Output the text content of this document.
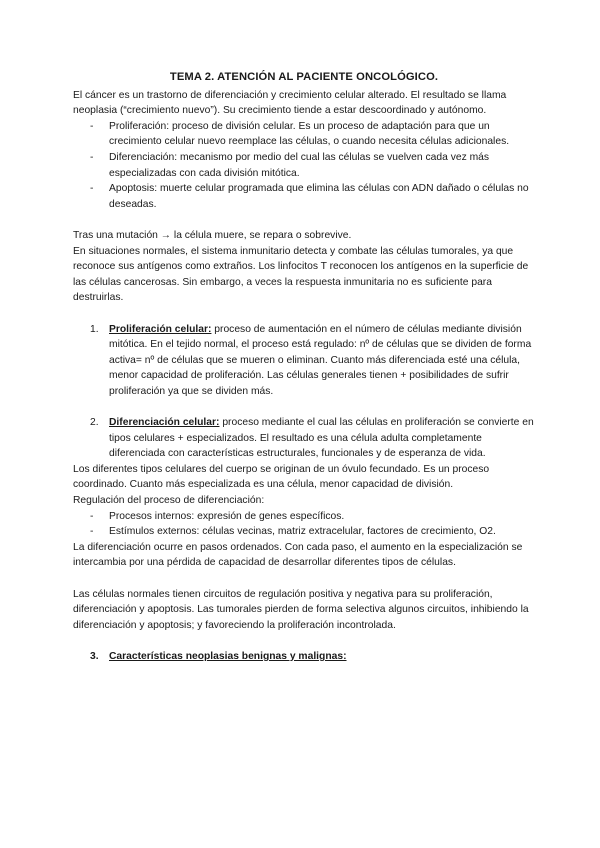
TEMA 2. ATENCIÓN AL PACIENTE ONCOLÓGICO.

El cáncer es un trastorno de diferenciación y crecimiento celular alterado. El resultado se llama neoplasia (“crecimiento nuevo”). Su crecimiento tiende a estar descoordinado y autónomo.

- Proliferación: proceso de división celular. Es un proceso de adaptación para que un crecimiento celular nuevo reemplace las células, o cuando necesita células adicionales.
- Diferenciación: mecanismo por medio del cual las células se vuelven cada vez más especializadas con cada división mitótica.
- Apoptosis: muerte celular programada que elimina las células con ADN dañado o células no deseadas.

Tras una mutación → la célula muere, se repara o sobrevive.

En situaciones normales, el sistema inmunitario detecta y combate las células tumorales, ya que reconoce sus antígenos como extraños. Los linfocitos T reconocen los antígenos en la superficie de las células cancerosas. Sin embargo, a veces la respuesta inmunitaria no es suficiente para destruirlas.

1. Proliferación celular: proceso de aumentación en el número de células mediante división mitótica. En el tejido normal, el proceso está regulado: nº de células que se dividen de forma activa= nº de células que se mueren o eliminan. Cuanto más diferenciada esté una célula, menor capacidad de proliferación. Las células generales tienen + posibilidades de sufrir proliferación ya que se dividen más.
2. Diferenciación celular: proceso mediante el cual las células en proliferación se convierte en tipos celulares + especializados. El resultado es una célula adulta completamente diferenciada con características estructurales, funcionales y de esperanza de vida.

Los diferentes tipos celulares del cuerpo se originan de un óvulo fecundado. Es un proceso coordinado. Cuanto más especializada es una célula, menor capacidad de división.

Regulación del proceso de diferenciación:

- Procesos internos: expresión de genes específicos.
- Estímulos externos: células vecinas, matriz extracelular, factores de crecimiento, O2.

La diferenciación ocurre en pasos ordenados. Con cada paso, el aumento en la especialización se intercambia por una pérdida de capacidad de desarrollar diferentes tipos de células.

Las células normales tienen circuitos de regulación positiva y negativa para su proliferación, diferenciación y apoptosis. Las tumorales pierden de forma selectiva algunos circuitos, inhibiendo la diferenciación y apoptosis; y favoreciendo la proliferación incontrolada.

3. Características neoplasias benignas y malignas:
